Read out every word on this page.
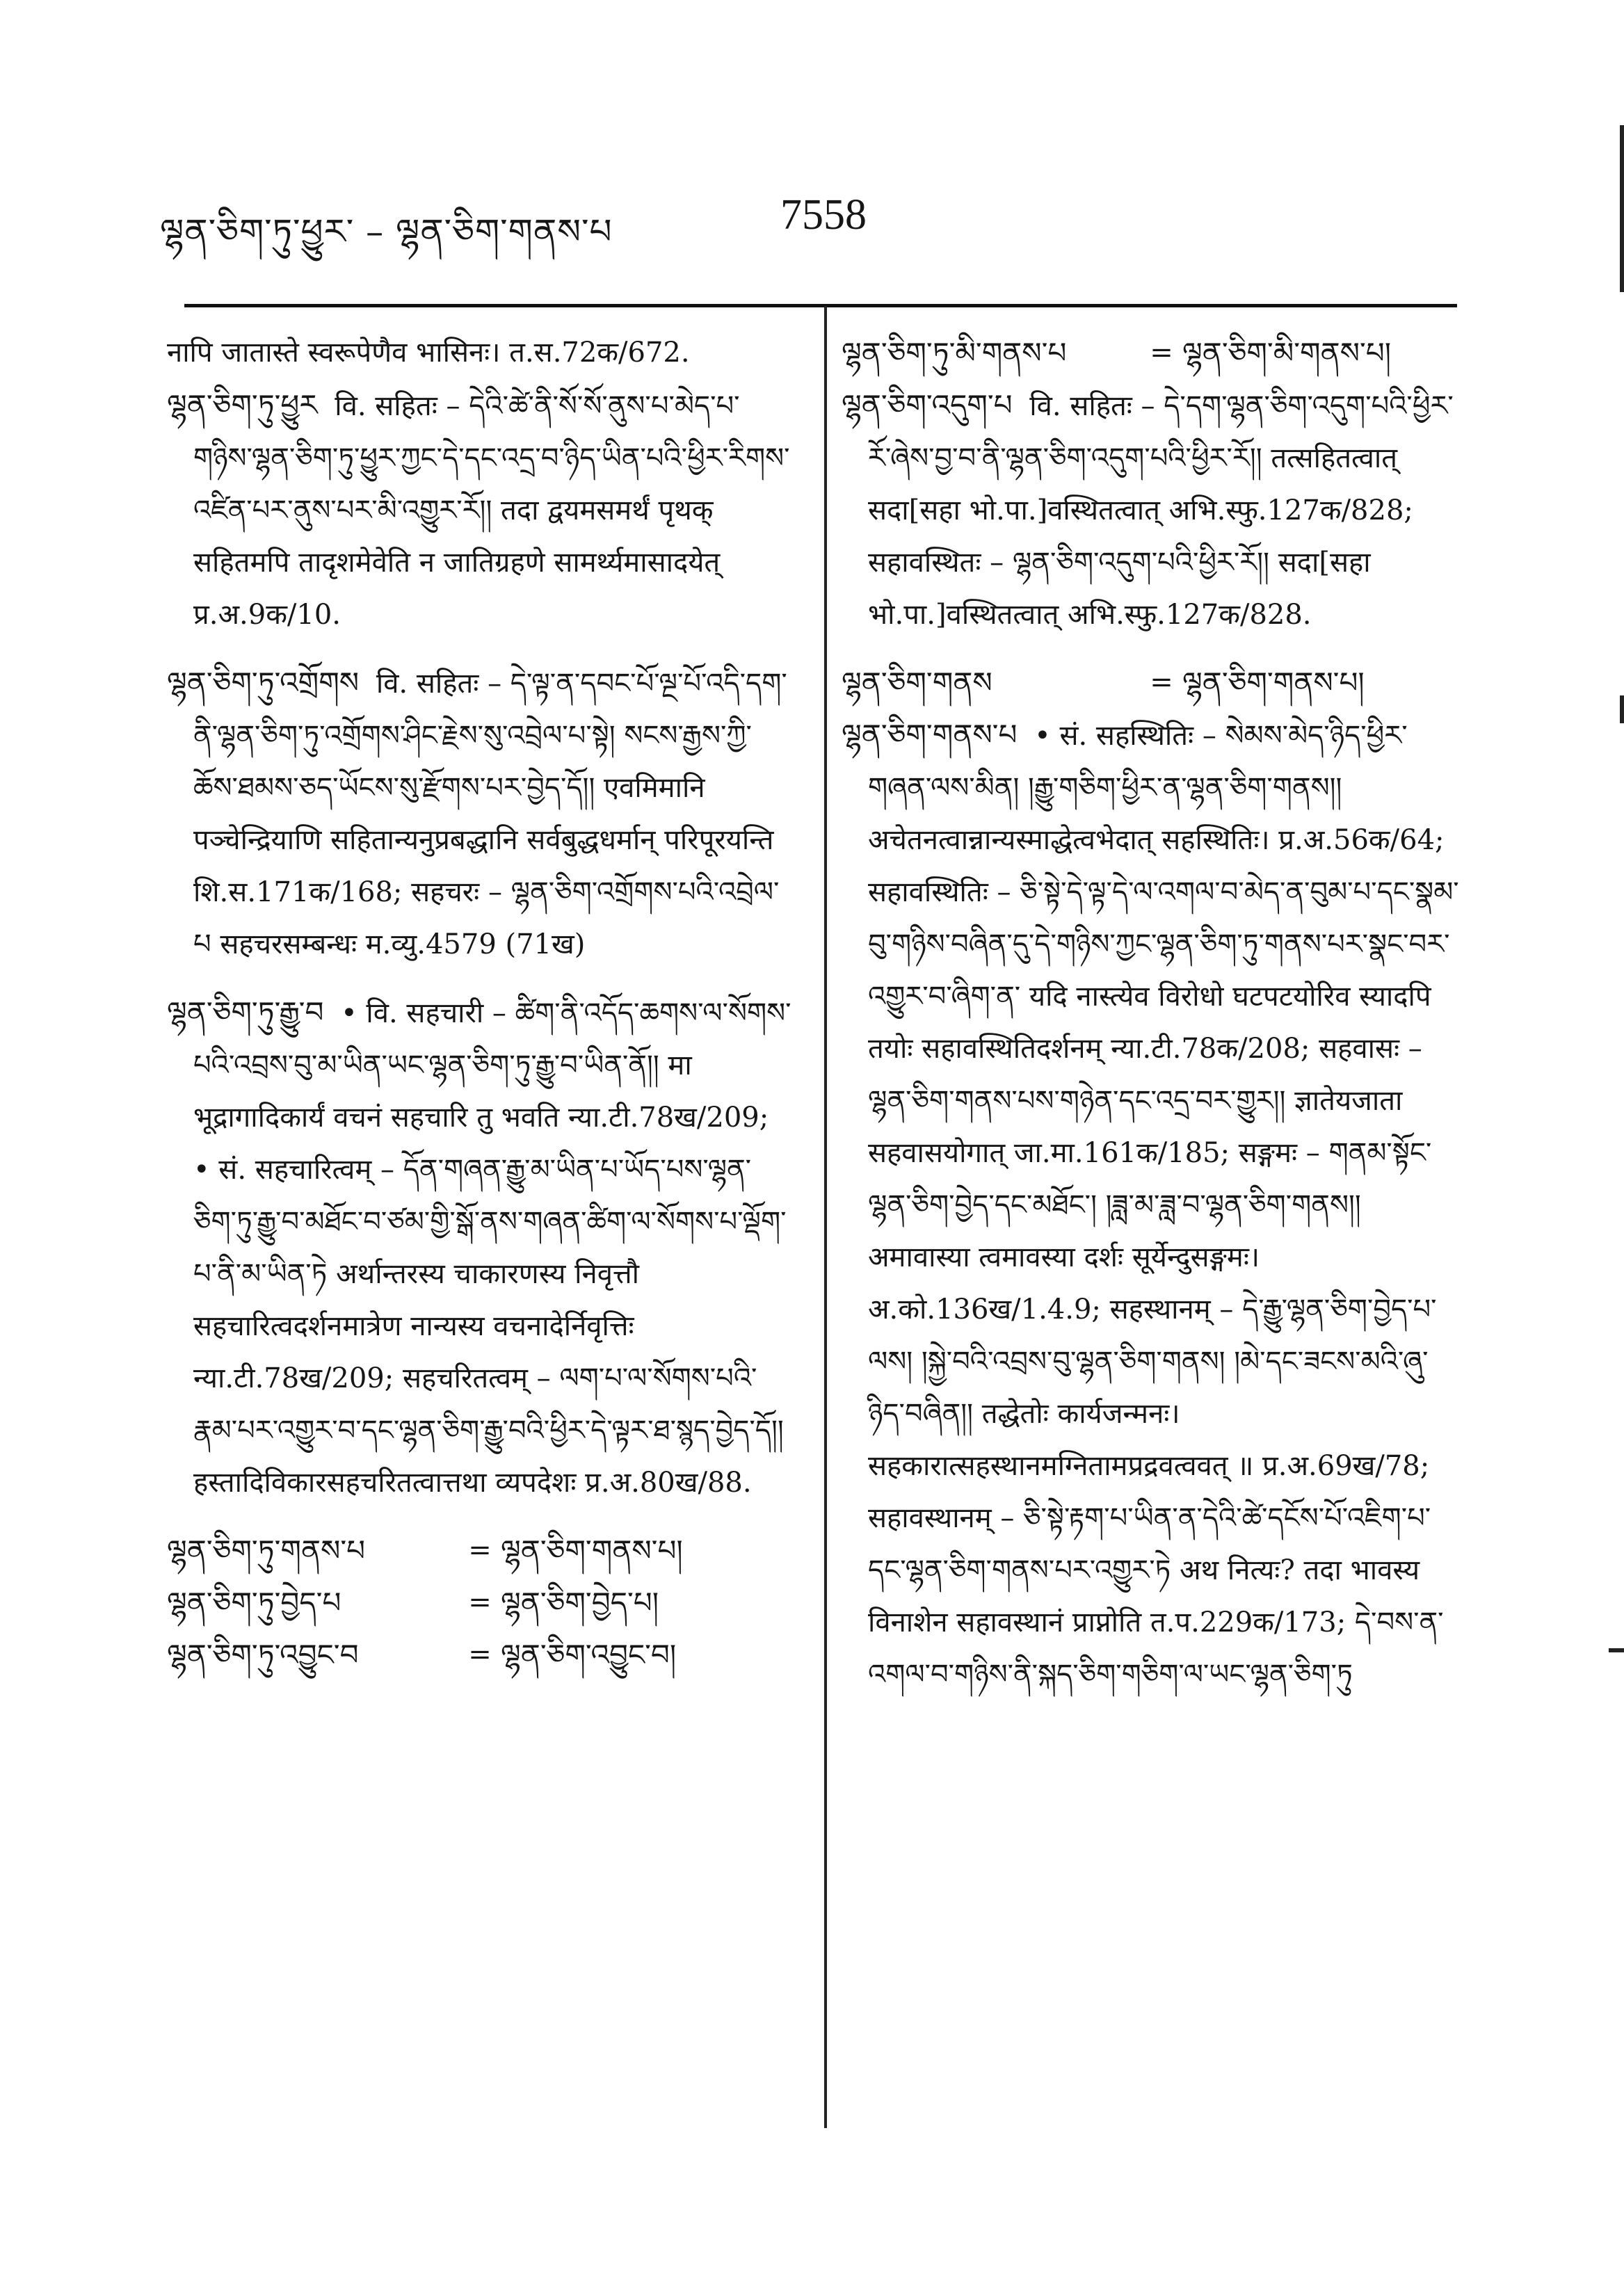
ལྷན་ཅིག་ཏུ་ཕྱུར་ – ལྷན་ཅིག་གནས་པ	7558

नापि जातास्ते स्वरूपेणैव भासिनः। त.स.72क/672.

ལྷན་ཅིག་ཏུ་ཕྱུར वि. सहितः – དེའི་ཚེ་ནི་སོ་སོ་ནུས་པ་མེད་པ་གཉིས་ལྷན་ཅིག་ཏུ་ཕྱུར་ཀྱང་དེ་དང་འདྲ་བ་ཉིད་ཡིན་པའི་ཕྱིར་རིགས་འཛིན་པར་ནུས་པར་མི་འགྱུར་རོ།། तदा द्वयमसमर्थं पृथक् सहितमपि तादृशमेवेति न जातिग्रहणे सामर्थ्यमासादयेत् प्र.अ.9क/10.
ལྷན་ཅིག་ཏུ་འགྲོགས वि. सहितः – དེ་ལྟ་ན་དབང་པོ་ལྔ་པོ་འདི་དག་ནི་ལྷན་ཅིག་ཏུ་འགྲོགས་ཤིང་རྗེས་སུ་འབྲེལ་པ་སྟེ། སངས་རྒྱས་ཀྱི་ཆོས་ཐམས་ཅད་ཡོངས་སུ་རྫོགས་པར་བྱེད་དོ།། एवमिमानि पञ्चेन्द्रियाणि सहितान्यनुप्रबद्धानि सर्वबुद्धधर्मान् परिपूरयन्ति शि.स.171क/168; सहचरः – ལྷན་ཅིག་འགྲོགས་པའི་འབྲེལ་པ सहचरसम्बन्धः म.व्यु.4579 (71ख)
ལྷན་ཅིག་ཏུ་རྒྱུ་བ • वि. सहचारी – ཚིག་ནི་འདོད་ཆགས་ལ་སོགས་པའི་འབྲས་བུ་མ་ཡིན་ཡང་ལྷན་ཅིག་ཏུ་རྒྱུ་བ་ཡིན་ནོ།། मा भूद्रागादिकार्यं वचनं सहचारि तु भवति न्या.टी.78ख/209; • सं. सहचारित्वम् – དོན་གཞན་རྒྱུ་མ་ཡིན་པ་ཡོད་པས་ལྷན་ཅིག་ཏུ་རྒྱུ་བ་མཐོང་བ་ཙམ་གྱི་སྒོ་ནས་གཞན་ཚིག་ལ་སོགས་པ་ལྡོག་པ་ནི་མ་ཡིན་ཏེ अर्थान्तरस्य चाकारणस्य निवृत्तौ सहचारित्वदर्शनमात्रेण नान्यस्य वचनादेर्निवृत्तिः न्या.टी.78ख/209; सहचरितत्वम् – ལག་པ་ལ་སོགས་པའི་རྣམ་པར་འགྱུར་བ་དང་ལྷན་ཅིག་རྒྱུ་བའི་ཕྱིར་དེ་ལྟར་ཐ་སྙད་བྱེད་དོ།། हस्तादिविकारसहचरितत्वात्तथा व्यपदेशः प्र.अ.80ख/88.
ལྷན་ཅིག་ཏུ་གནས་པ	= ལྷན་ཅིག་གནས་པ།
ལྷན་ཅིག་ཏུ་བྱེད་པ	= ལྷན་ཅིག་བྱེད་པ།
ལྷན་ཅིག་ཏུ་འབྱུང་བ	= ལྷན་ཅིག་འབྱུང་བ།
ལྷན་ཅིག་ཏུ་མི་གནས་པ	= ལྷན་ཅིག་མི་གནས་པ།
ལྷན་ཅིག་འདུག་པ वि. सहितः – དེ་དག་ལྷན་ཅིག་འདུག་པའི་ཕྱིར་རོ་ཞེས་བྱ་བ་ནི་ལྷན་ཅིག་འདུག་པའི་ཕྱིར་རོ།། तत्सहितत्वात् सदा[सहा भो.पा.]वस्थितत्वात् अभि.स्फु.127क/828; सहावस्थितः – ལྷན་ཅིག་འདུག་པའི་ཕྱིར་རོ།། सदा[सहा भो.पा.]वस्थितत्वात् अभि.स्फु.127क/828.
ལྷན་ཅིག་གནས	= ལྷན་ཅིག་གནས་པ།
ལྷན་ཅིག་གནས་པ • सं. सहस्थितिः – སེམས་མེད་ཉིད་ཕྱིར་གཞན་ལས་མིན། །རྒྱུ་གཅིག་ཕྱིར་ན་ལྷན་ཅིག་གནས།། अचेतनत्वान्नान्यस्माद्धेत्वभेदात् सहस्थितिः। प्र.अ.56क/64; सहावस्थितिः – ཅི་སྟེ་དེ་ལྟ་དེ་ལ་འགལ་བ་མེད་ན་བུམ་པ་དང་སྣམ་བུ་གཉིས་བཞིན་དུ་དེ་གཉིས་ཀྱང་ལྷན་ཅིག་ཏུ་གནས་པར་སྣང་བར་འགྱུར་བ་ཞིག་ན་ यदि नास्त्येव विरोधो घटपटयोरिव स्यादपि तयोः सहावस्थितिदर्शनम् न्या.टी.78क/208; सहवासः – ལྷན་ཅིག་གནས་པས་གཉེན་དང་འདྲ་བར་གྱུར།། ज्ञातेयजाता सहवासयोगात् जा.मा.161क/185; सङ्गमः – གནམ་སྟོང་ལྷན་ཅིག་བྱེད་དང་མཐོང་། །ཟླ་མ་ཟླ་བ་ལྷན་ཅིག་གནས།། अमावास्या त्वमावस्या दर्शः सूर्येन्दुसङ्गमः। अ.को.136ख/1.4.9; सहस्थानम् – དེ་རྒྱུ་ལྷན་ཅིག་བྱེད་པ་ལས། །སྐྱེ་བའི་འབྲས་བུ་ལྷན་ཅིག་གནས། །མེ་དང་ཟངས་མའི་ཞུ་ཉིད་བཞིན།། तद्धेतोः कार्यजन्मनः। सहकारात्सहस्थानमग्नितामप्रद्रवत्ववत् ॥ प्र.अ.69ख/78; सहावस्थानम् – ཅི་སྟེ་རྟག་པ་ཡིན་ན་དེའི་ཚེ་དངོས་པོ་འཇིག་པ་དང་ལྷན་ཅིག་གནས་པར་འགྱུར་ཏེ अथ नित्यः? तदा भावस्य विनाशेन सहावस्थानं प्राप्नोति त.प.229क/173; དེ་བས་ན་འགལ་བ་གཉིས་ནི་སྐད་ཅིག་གཅིག་ལ་ཡང་ལྷན་ཅིག་ཏུ
